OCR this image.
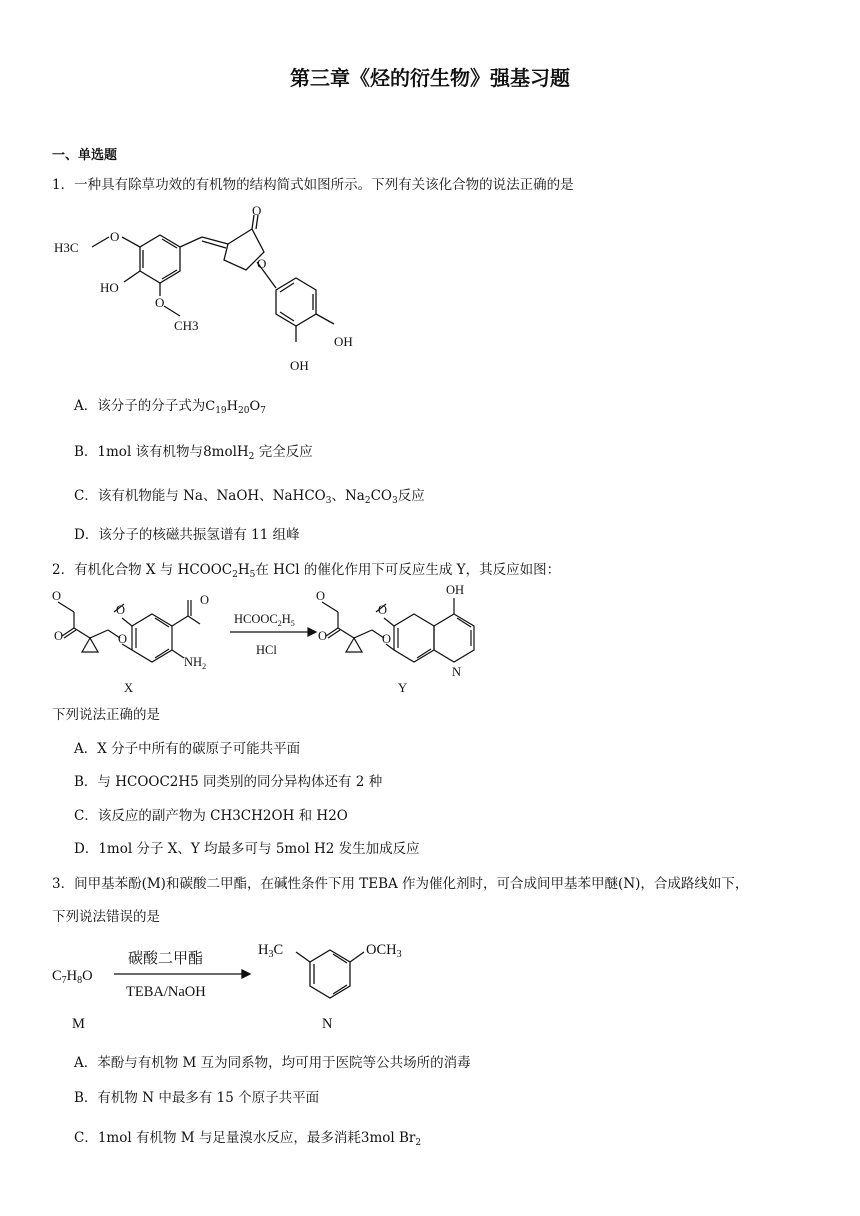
第三章《烃的衍生物》强基习题
一、单选题
1．一种具有除草功效的有机物的结构简式如图所示。下列有关该化合物的说法正确的是
H3C
O
HO
O
CH3
O
O
OH
OH
A．该分子的分子式为$C_{19}H_{20}O_7$
B．1mol 该有机物与8molH$_2$ 完全反应
C．该有机物能与 Na、NaOH、NaHCO$_3$、$Na_2CO_3$反应
D．该分子的核磁共振氢谱有 11 组峰
2．有机化合物 X 与 $HCOOC_2H_5$在 HCl 的催化作用下可反应生成 Y，其反应如图：
O
O	O
O
$NH_2$
O
$HCOOC_2H_5$
HCl
O
O	O
O
OH
N
X	Y
下列说法正确的是
A．X 分子中所有的碳原子可能共平面
B．与 HCOOC2H5 同类别的同分异构体还有 2 种
C．该反应的副产物为 CH3CH2OH 和 H2O
D．1mol 分子 X、Y 均最多可与 5mol H2 发生加成反应
3．间甲基苯酚(M)和碳酸二甲酯，在碱性条件下用 TEBA 作为催化剂时，可合成间甲基苯甲醚(N)，合成路线如下，
下列说法错误的是
$C_7H_8O$
碳酸二甲酯
TEBA/NaOH
$H_3C$	$OCH_3$
M	N
A．苯酚与有机物 M 互为同系物，均可用于医院等公共场所的消毒
B．有机物 N 中最多有 15 个原子共平面
C．1mol 有机物 M 与足量溴水反应，最多消耗3mol $Br_2$
